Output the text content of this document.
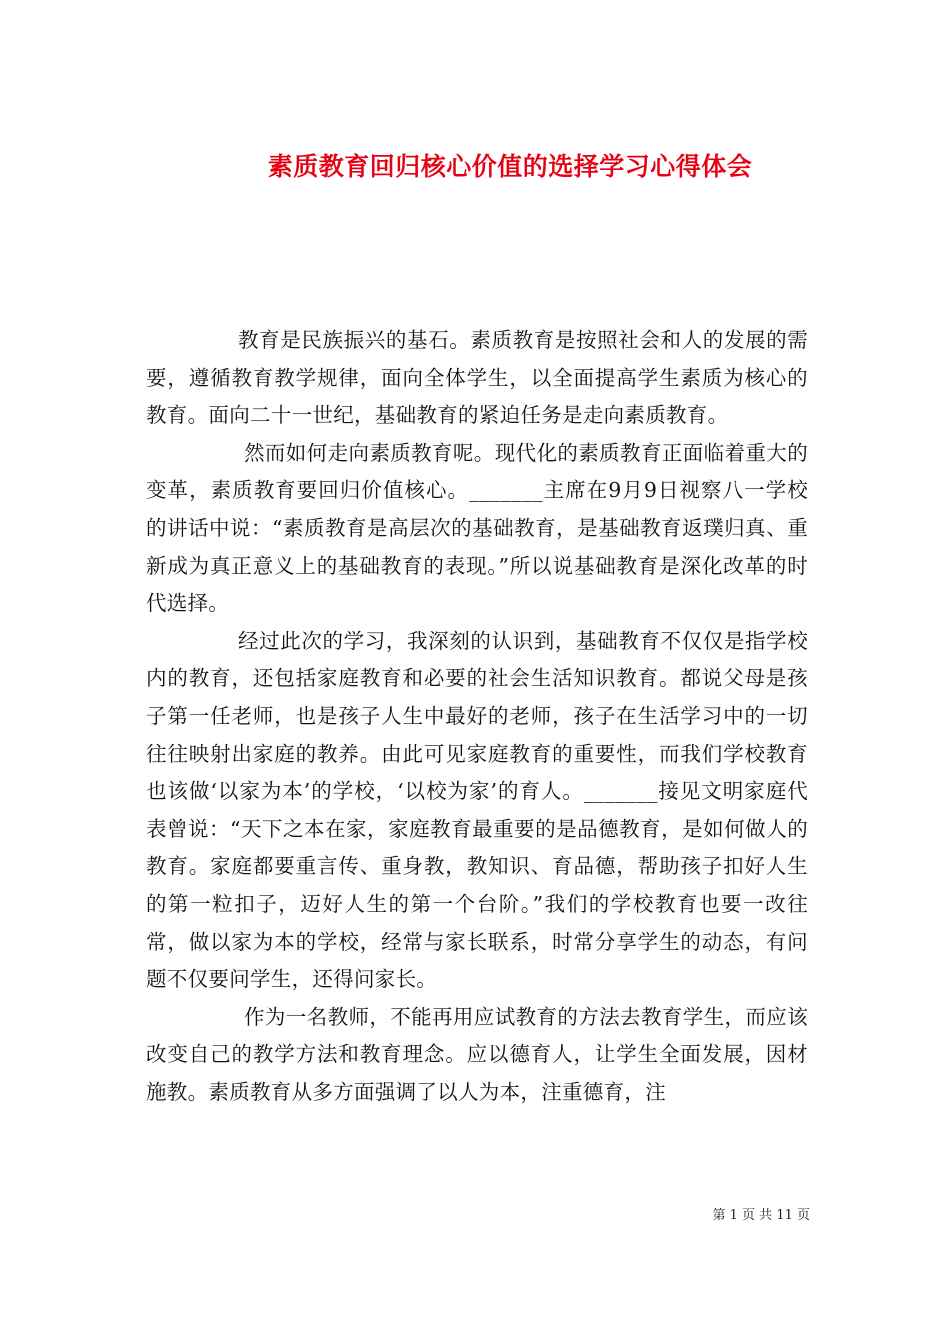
素质教育回归核心价值的选择学习心得体会

教育是民族振兴的基石。素质教育是按照社会和人的发展的需要，遵循教育教学规律，面向全体学生，以全面提高学生素质为核心的教育。面向二十一世纪，基础教育的紧迫任务是走向素质教育。

然而如何走向素质教育呢。现代化的素质教育正面临着重大的变革，素质教育要回归价值核心。_______主席在9月9日视察八一学校的讲话中说：“素质教育是高层次的基础教育，是基础教育返璞归真、重新成为真正意义上的基础教育的表现。”所以说基础教育是深化改革的时代选择。

经过此次的学习，我深刻的认识到，基础教育不仅仅是指学校内的教育，还包括家庭教育和必要的社会生活知识教育。都说父母是孩子第一任老师，也是孩子人生中最好的老师，孩子在生活学习中的一切往往映射出家庭的教养。由此可见家庭教育的重要性，而我们学校教育也该做‘以家为本’的学校，‘以校为家’的育人。_______接见文明家庭代表曾说：“天下之本在家，家庭教育最重要的是品德教育，是如何做人的教育。家庭都要重言传、重身教，教知识、育品德，帮助孩子扣好人生的第一粒扣子，迈好人生的第一个台阶。”我们的学校教育也要一改往常，做以家为本的学校，经常与家长联系，时常分享学生的动态，有问题不仅要问学生，还得问家长。

作为一名教师，不能再用应试教育的方法去教育学生，而应该改变自己的教学方法和教育理念。应以德育人，让学生全面发展，因材施教。素质教育从多方面强调了以人为本，注重德育，注

第 1 页 共 11 页
